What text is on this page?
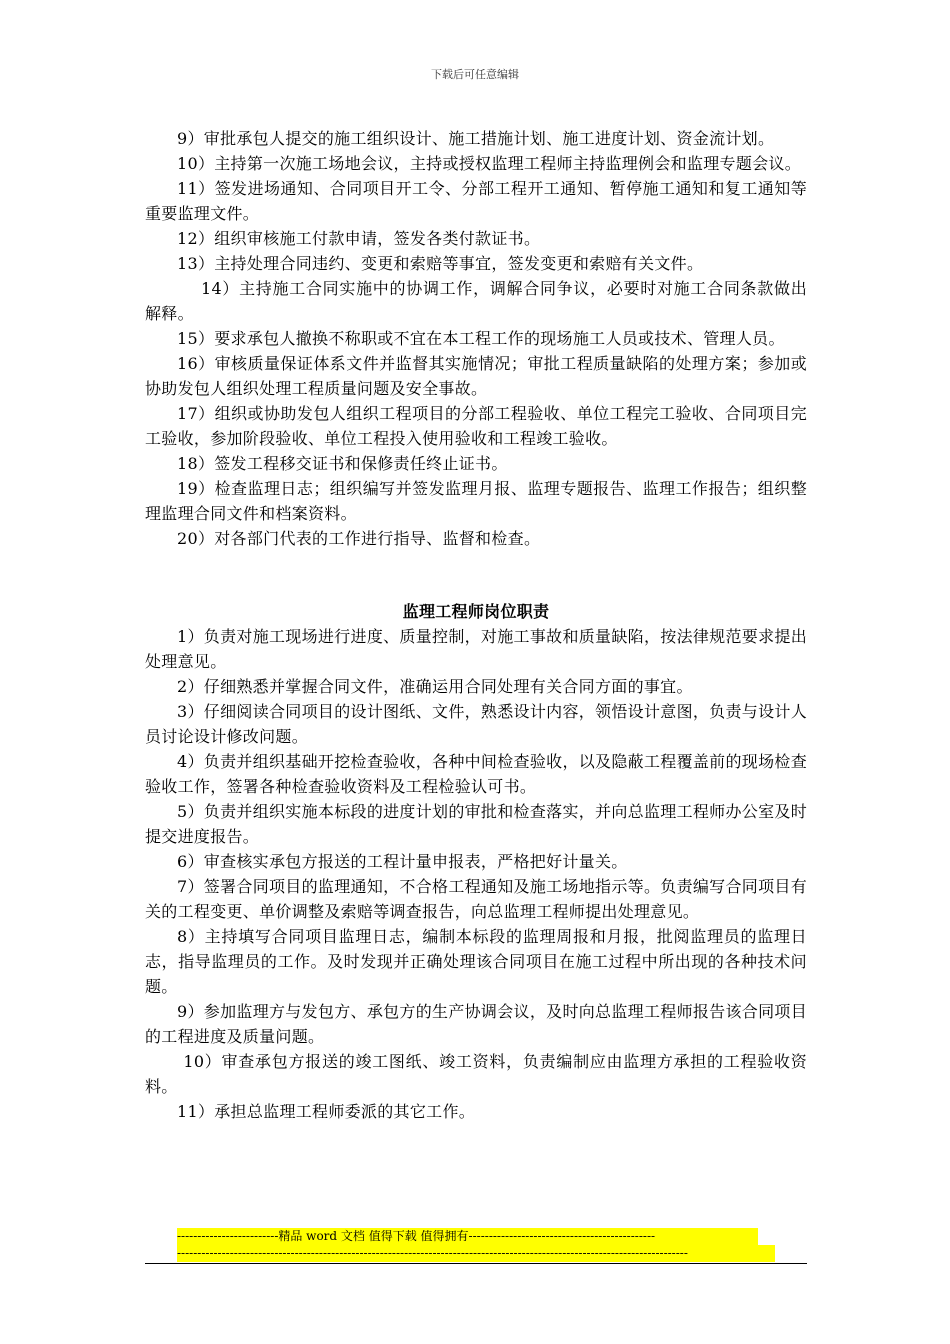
下载后可任意编辑

9）审批承包人提交的施工组织设计、施工措施计划、施工进度计划、资金流计划。

10）主持第一次施工场地会议，主持或授权监理工程师主持监理例会和监理专题会议。

11）签发进场通知、合同项目开工令、分部工程开工通知、暂停施工通知和复工通知等重要监理文件。

12）组织审核施工付款申请，签发各类付款证书。

13）主持处理合同违约、变更和索赔等事宜，签发变更和索赔有关文件。

14）主持施工合同实施中的协调工作，调解合同争议，必要时对施工合同条款做出解释。

15）要求承包人撤换不称职或不宜在本工程工作的现场施工人员或技术、管理人员。

16）审核质量保证体系文件并监督其实施情况；审批工程质量缺陷的处理方案；参加或协助发包人组织处理工程质量问题及安全事故。

17）组织或协助发包人组织工程项目的分部工程验收、单位工程完工验收、合同项目完工验收，参加阶段验收、单位工程投入使用验收和工程竣工验收。

18）签发工程移交证书和保修责任终止证书。

19）检查监理日志；组织编写并签发监理月报、监理专题报告、监理工作报告；组织整理监理合同文件和档案资料。

20）对各部门代表的工作进行指导、监督和检查。

监理工程师岗位职责

1）负责对施工现场进行进度、质量控制，对施工事故和质量缺陷，按法律规范要求提出处理意见。

2）仔细熟悉并掌握合同文件，准确运用合同处理有关合同方面的事宜。

3）仔细阅读合同项目的设计图纸、文件，熟悉设计内容，领悟设计意图，负责与设计人员讨论设计修改问题。

4）负责并组织基础开挖检查验收，各种中间检查验收，以及隐蔽工程覆盖前的现场检查验收工作，签署各种检查验收资料及工程检验认可书。

5）负责并组织实施本标段的进度计划的审批和检查落实，并向总监理工程师办公室及时提交进度报告。

6）审查核实承包方报送的工程计量申报表，严格把好计量关。

7）签署合同项目的监理通知，不合格工程通知及施工场地指示等。负责编写合同项目有关的工程变更、单价调整及索赔等调查报告，向总监理工程师提出处理意见。

8）主持填写合同项目监理日志，编制本标段的监理周报和月报，批阅监理员的监理日志，指导监理员的工作。及时发现并正确处理该合同项目在施工过程中所出现的各种技术问题。

9）参加监理方与发包方、承包方的生产协调会议，及时向总监理工程师报告该合同项目的工程进度及质量问题。

10）审查承包方报送的竣工图纸、竣工资料，负责编制应由监理方承担的工程验收资料。

11）承担总监理工程师委派的其它工作。

-------------------------精品 word 文档 值得下载 值得拥有----------------------------------------------
------------------------------------------------------------------------------------------------------------------------------
